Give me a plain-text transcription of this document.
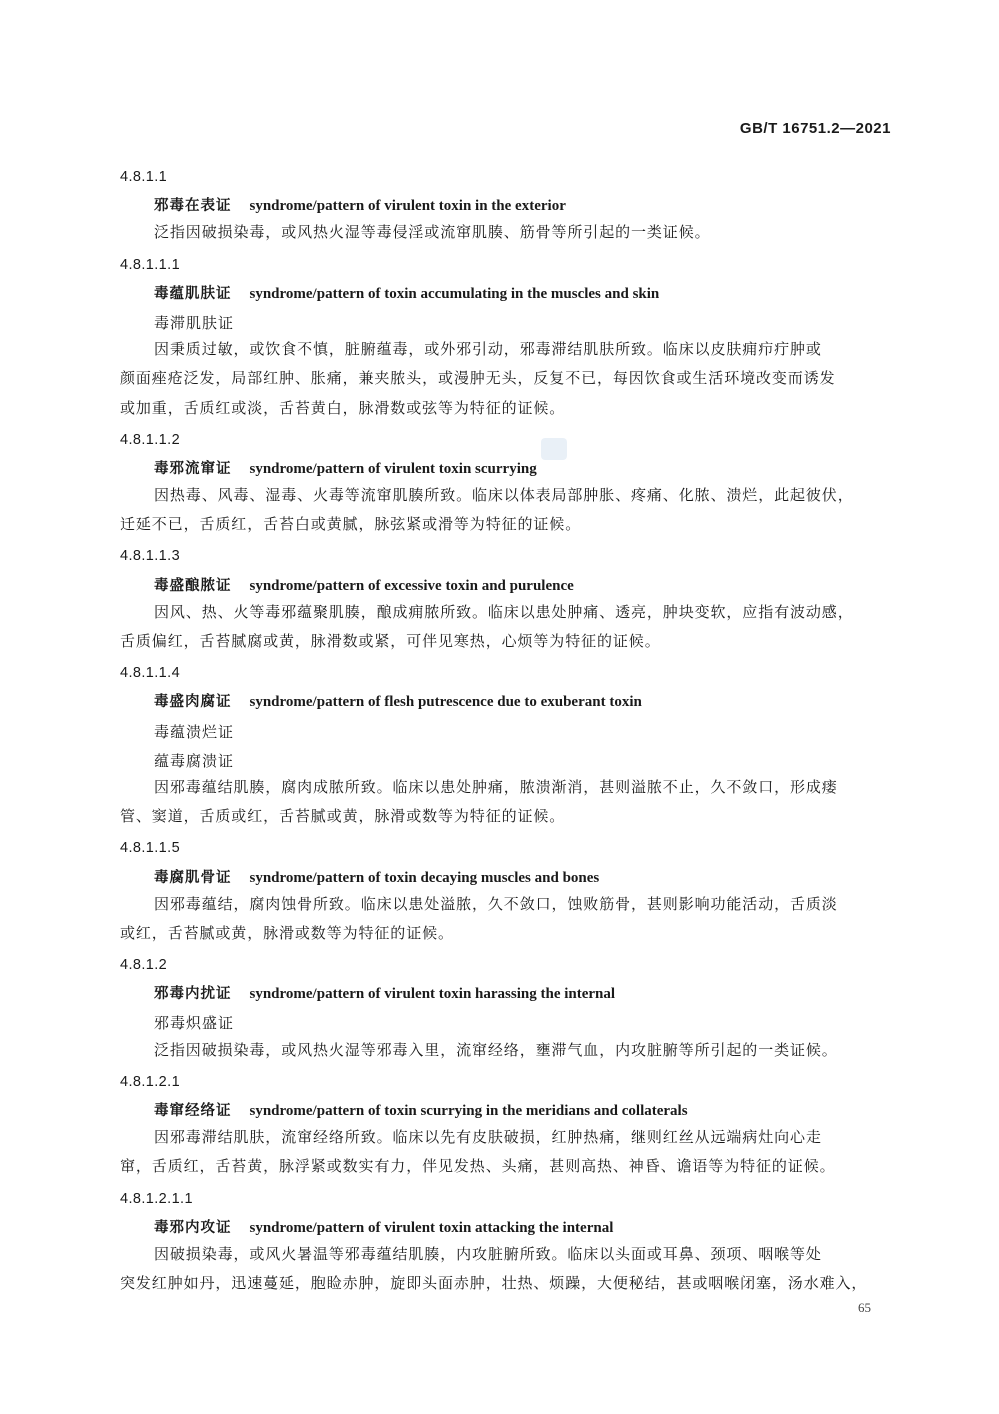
GB/T 16751.2—2021
4.8.1.1
邪毒在表证 syndrome/pattern of virulent toxin in the exterior
泛指因破损染毒，或风热火湿等毒侵淫或流窜肌腠、筋骨等所引起的一类证候。
4.8.1.1.1
毒蕴肌肤证 syndrome/pattern of toxin accumulating in the muscles and skin
毒滞肌肤证
因秉质过敏，或饮食不慎，脏腑蕴毒，或外邪引动，邪毒滞结肌肤所致。临床以皮肤痈疖疔肿或
颜面痤疮泛发，局部红肿、胀痛，兼夹脓头，或漫肿无头，反复不已，每因饮食或生活环境改变而诱发
或加重，舌质红或淡，舌苔黄白，脉滑数或弦等为特征的证候。
4.8.1.1.2
毒邪流窜证 syndrome/pattern of virulent toxin scurrying
因热毒、风毒、湿毒、火毒等流窜肌腠所致。临床以体表局部肿胀、疼痛、化脓、溃烂，此起彼伏，
迁延不已，舌质红，舌苔白或黄腻，脉弦紧或滑等为特征的证候。
4.8.1.1.3
毒盛酿脓证 syndrome/pattern of excessive toxin and purulence
因风、热、火等毒邪蕴聚肌腠，酿成痈脓所致。临床以患处肿痛、透亮，肿块变软，应指有波动感，
舌质偏红，舌苔腻腐或黄，脉滑数或紧，可伴见寒热，心烦等为特征的证候。
4.8.1.1.4
毒盛肉腐证 syndrome/pattern of flesh putrescence due to exuberant toxin
毒蕴溃烂证
蕴毒腐溃证
因邪毒蕴结肌腠，腐肉成脓所致。临床以患处肿痛，脓溃渐消，甚则溢脓不止，久不敛口，形成瘘
管、窦道，舌质或红，舌苔腻或黄，脉滑或数等为特征的证候。
4.8.1.1.5
毒腐肌骨证 syndrome/pattern of toxin decaying muscles and bones
因邪毒蕴结，腐肉蚀骨所致。临床以患处溢脓，久不敛口，蚀败筋骨，甚则影响功能活动，舌质淡
或红，舌苔腻或黄，脉滑或数等为特征的证候。
4.8.1.2
邪毒内扰证 syndrome/pattern of virulent toxin harassing the internal
邪毒炽盛证
泛指因破损染毒，或风热火湿等邪毒入里，流窜经络，壅滞气血，内攻脏腑等所引起的一类证候。
4.8.1.2.1
毒窜经络证 syndrome/pattern of toxin scurrying in the meridians and collaterals
因邪毒滞结肌肤，流窜经络所致。临床以先有皮肤破损，红肿热痛，继则红丝从远端病灶向心走
窜，舌质红，舌苔黄，脉浮紧或数实有力，伴见发热、头痛，甚则高热、神昏、谵语等为特征的证候。
4.8.1.2.1.1
毒邪内攻证 syndrome/pattern of virulent toxin attacking the internal
因破损染毒，或风火暑温等邪毒蕴结肌腠，内攻脏腑所致。临床以头面或耳鼻、颈项、咽喉等处
突发红肿如丹，迅速蔓延，胞睑赤肿，旋即头面赤肿，壮热、烦躁，大便秘结，甚或咽喉闭塞，汤水难入，
65
